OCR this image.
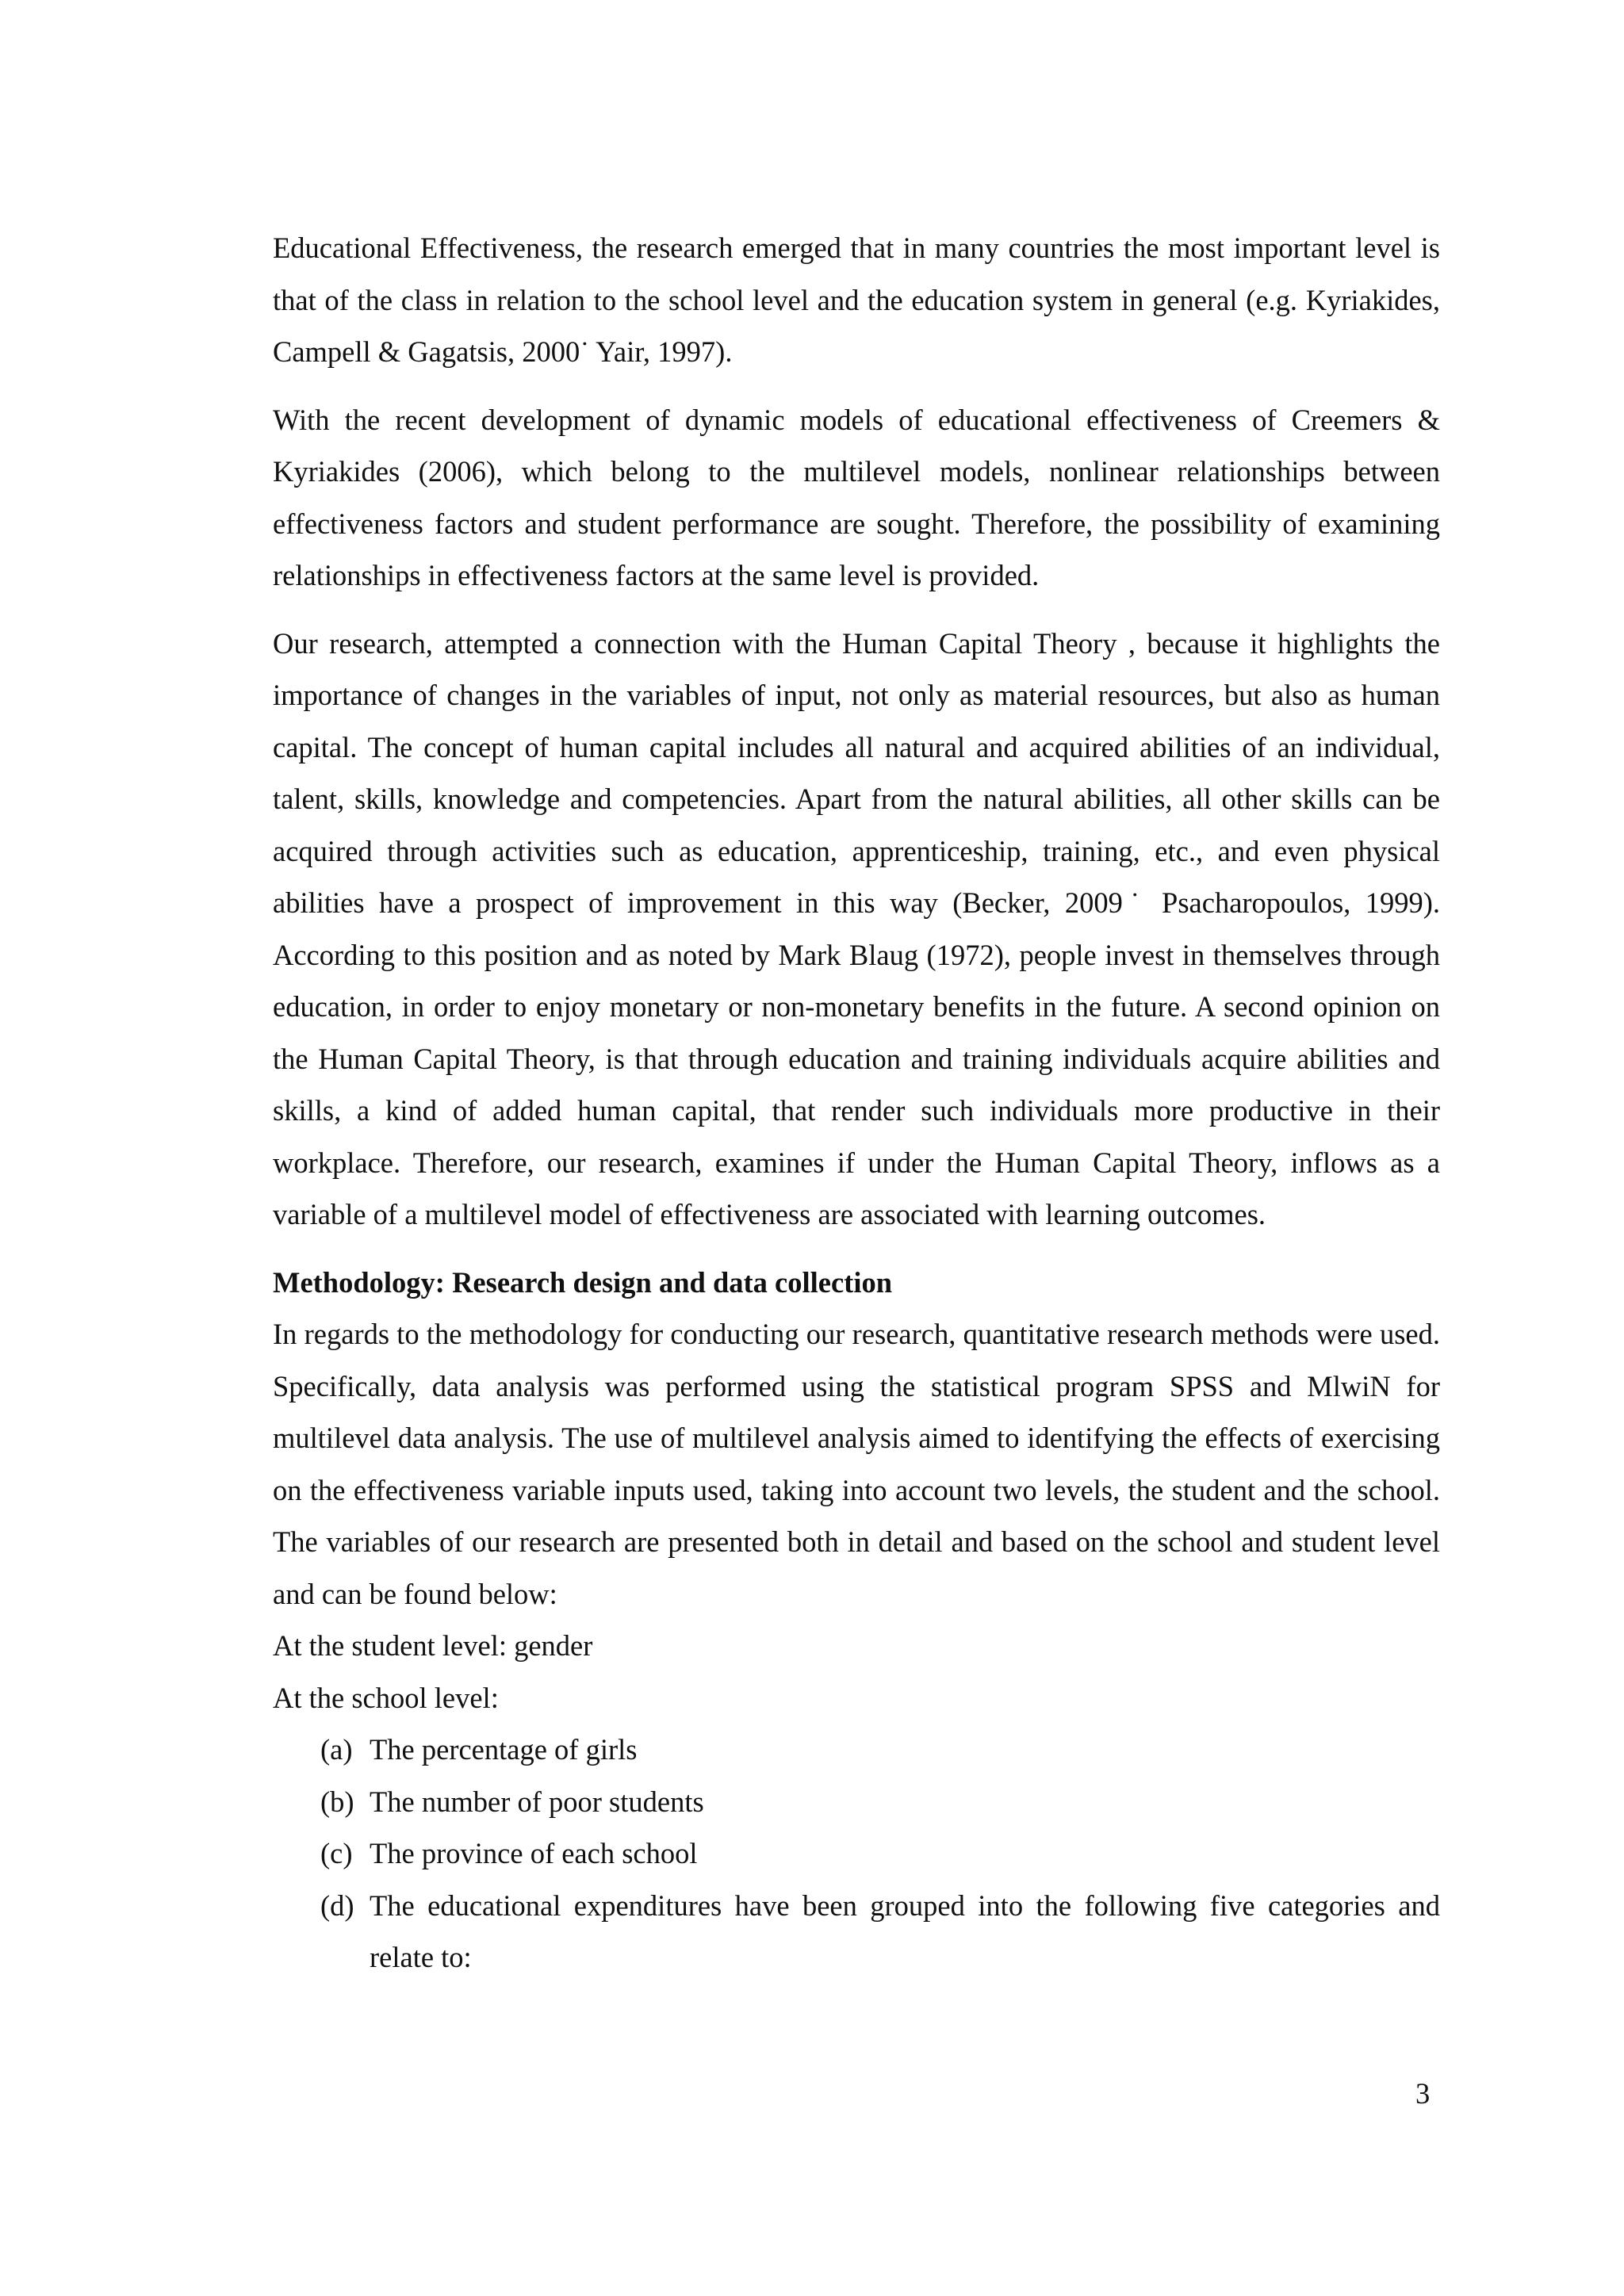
Educational Effectiveness, the research emerged that in many countries the most important level is that of the class in relation to the school level and the education system in general (e.g. Kyriakides, Campell & Gagatsis, 2000˙ Yair, 1997).

With the recent development of dynamic models of educational effectiveness of Creemers & Kyriakides (2006), which belong to the multilevel models, nonlinear relationships between effectiveness factors and student performance are sought. Therefore, the possibility of examining relationships in effectiveness factors at the same level is provided.

Our research, attempted a connection with the Human Capital Theory , because it highlights the importance of changes in the variables of input, not only as material resources, but also as human capital. The concept of human capital includes all natural and acquired abilities of an individual, talent, skills, knowledge and competencies. Apart from the natural abilities, all other skills can be acquired through activities such as education, apprenticeship, training, etc., and even physical abilities have a prospect of improvement in this way (Becker, 2009˙ Psacharopoulos, 1999). According to this position and as noted by Mark Blaug (1972), people invest in themselves through education, in order to enjoy monetary or non-monetary benefits in the future. A second opinion on the Human Capital Theory, is that through education and training individuals acquire abilities and skills, a kind of added human capital, that render such individuals more productive in their workplace. Therefore, our research, examines if under the Human Capital Theory, inflows as a variable of a multilevel model of effectiveness are associated with learning outcomes.

Methodology: Research design and data collection

In regards to the methodology for conducting our research, quantitative research methods were used. Specifically, data analysis was performed using the statistical program SPSS and MlwiN for multilevel data analysis. The use of multilevel analysis aimed to identifying the effects of exercising on the effectiveness variable inputs used, taking into account two levels, the student and the school. The variables of our research are presented both in detail and based on the school and student level and can be found below:

At the student level: gender

At the school level:

(a) The percentage of girls
(b) The number of poor students
(c) The province of each school
(d) The educational expenditures have been grouped into the following five categories and relate to:
3
